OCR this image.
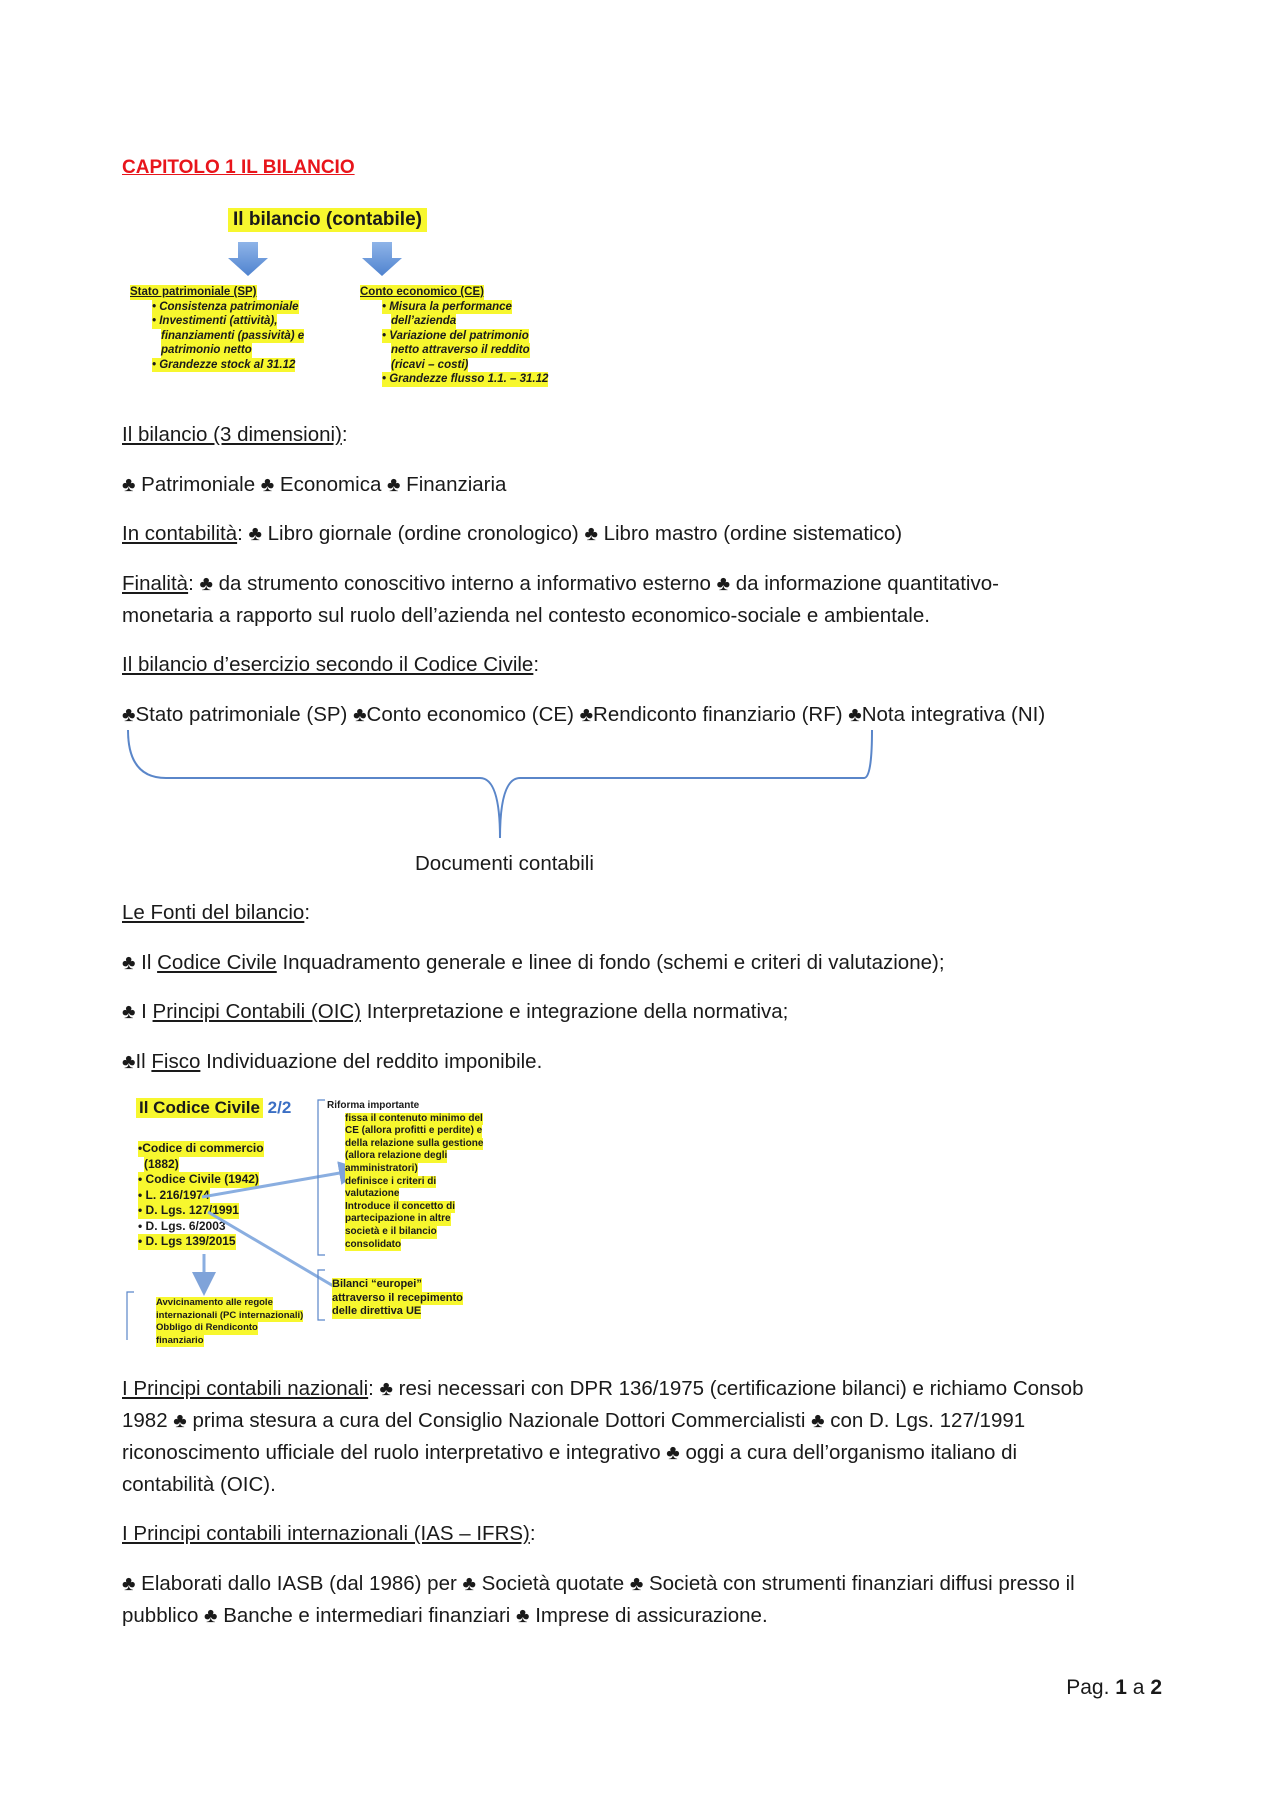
CAPITOLO 1 IL BILANCIO

Il bilancio (contabile)
Stato patrimoniale (SP)
• Consistenza patrimoniale
• Investimenti (attività),
finanziamenti (passività) e
patrimonio netto
• Grandezze stock al 31.12
Conto economico (CE)
• Misura la performance
dell’azienda
• Variazione del patrimonio
netto attraverso il reddito
(ricavi – costi)
• Grandezze flusso 1.1. – 31.12

Il bilancio (3 dimensioni):

♣ Patrimoniale ♣ Economica ♣ Finanziaria

In contabilità: ♣ Libro giornale (ordine cronologico) ♣ Libro mastro (ordine sistematico)

Finalità: ♣ da strumento conoscitivo interno a informativo esterno ♣ da informazione quantitativo-
monetaria a rapporto sul ruolo dell’azienda nel contesto economico-sociale e ambientale.

Il bilancio d’esercizio secondo il Codice Civile:

♣Stato patrimoniale (SP) ♣Conto economico (CE) ♣Rendiconto finanziario (RF) ♣Nota integrativa (NI)

Documenti contabili

Le Fonti del bilancio:

♣ Il Codice Civile Inquadramento generale e linee di fondo (schemi e criteri di valutazione);

♣ I Principi Contabili (OIC) Interpretazione e integrazione della normativa;

♣Il Fisco Individuazione del reddito imponibile.

Il Codice Civile 2/2
•Codice di commercio
(1882)
• Codice Civile (1942)
• L. 216/1974
• D. Lgs. 127/1991
• D. Lgs. 6/2003
• D. Lgs 139/2015
Riforma importante
fissa il contenuto minimo del
CE (allora profitti e perdite) e
della relazione sulla gestione
(allora relazione degli
amministratori)
definisce i criteri di
valutazione
Introduce il concetto di
partecipazione in altre
società e il bilancio
consolidato
Bilanci “europei”
attraverso il recepimento
delle direttiva UE
Avvicinamento alle regole
internazionali (PC internazionali)
Obbligo di Rendiconto
finanziario

I Principi contabili nazionali: ♣ resi necessari con DPR 136/1975 (certificazione bilanci) e richiamo Consob
1982 ♣ prima stesura a cura del Consiglio Nazionale Dottori Commercialisti ♣ con D. Lgs. 127/1991
riconoscimento ufficiale del ruolo interpretativo e integrativo ♣ oggi a cura dell’organismo italiano di
contabilità (OIC).

I Principi contabili internazionali (IAS – IFRS):

♣ Elaborati dallo IASB (dal 1986) per ♣ Società quotate ♣ Società con strumenti finanziari diffusi presso il
pubblico ♣ Banche e intermediari finanziari ♣ Imprese di assicurazione.

Pag. 1 a 2
